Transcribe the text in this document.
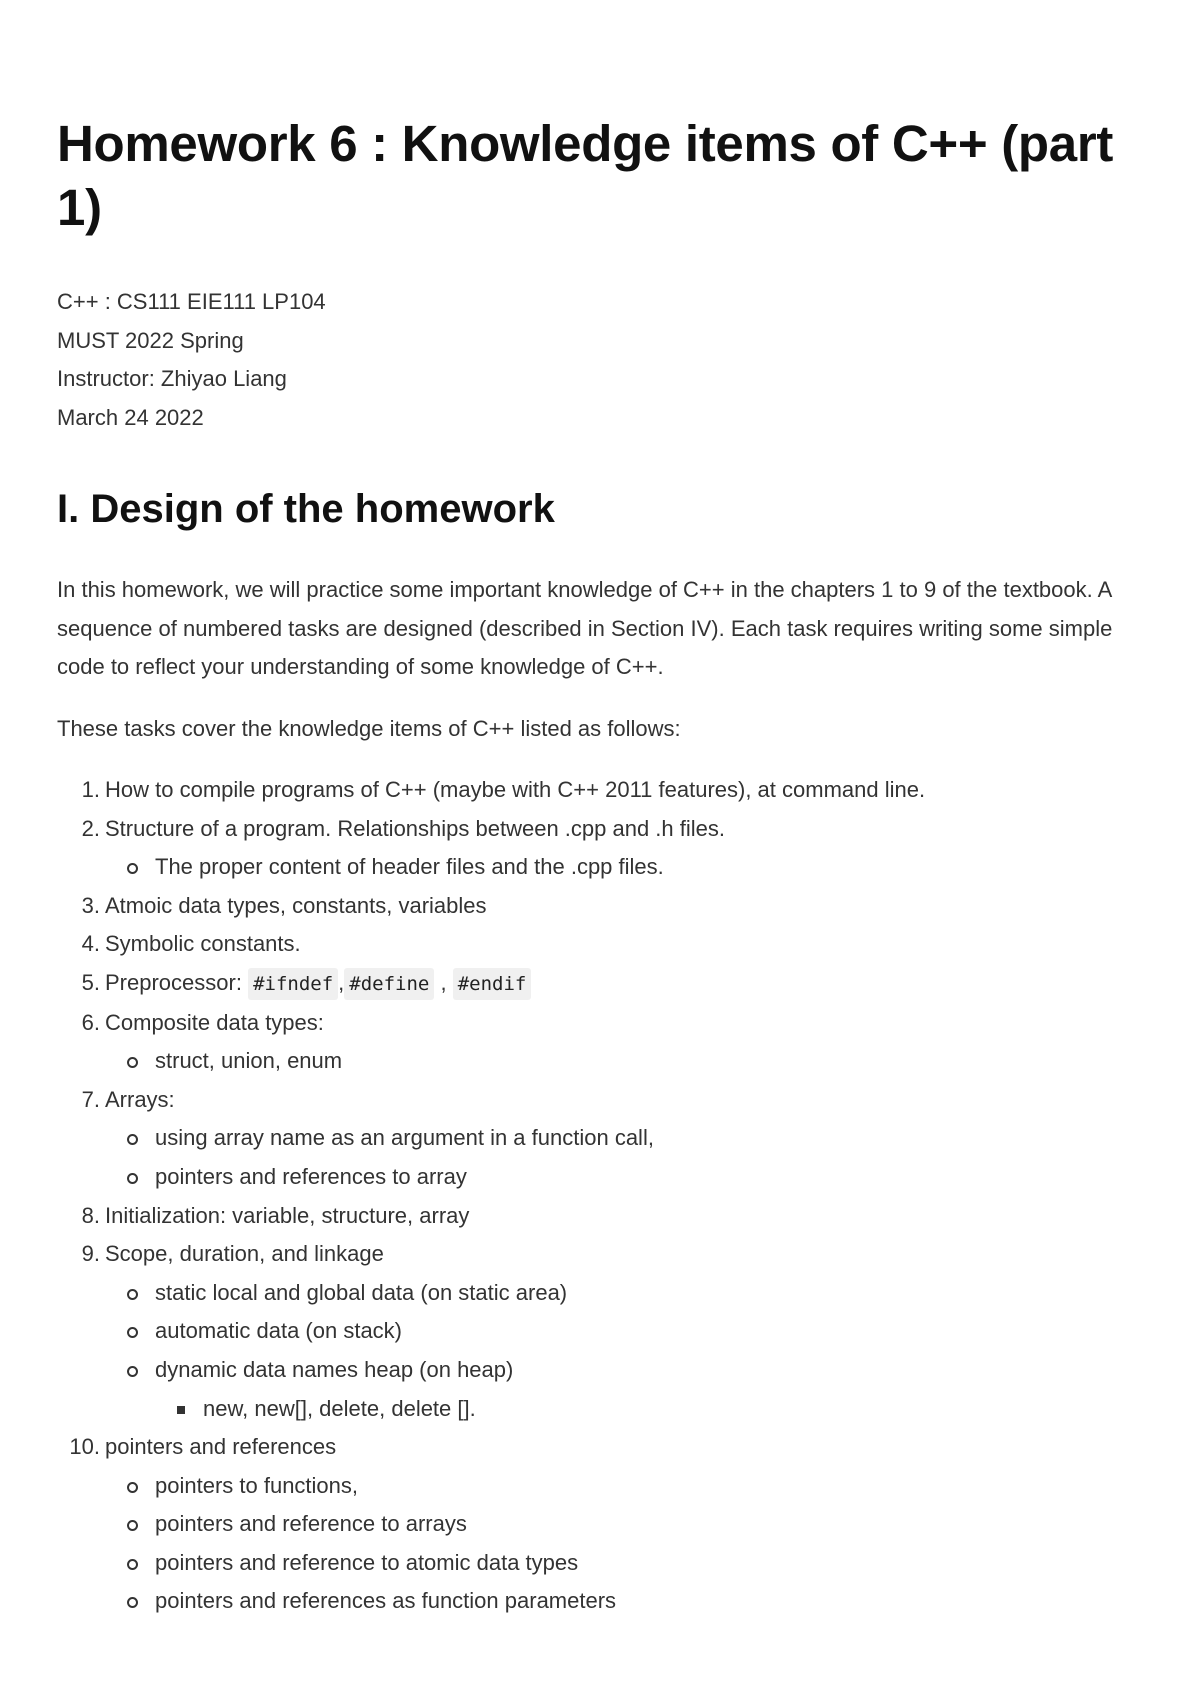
Homework 6 : Knowledge items of C++ (part 1)
C++ : CS111 EIE111 LP104
MUST 2022 Spring
Instructor: Zhiyao Liang
March 24 2022
I. Design of the homework

In this homework, we will practice some important knowledge of C++ in the chapters 1 to 9 of the textbook. A sequence of numbered tasks are designed (described in Section IV). Each task requires writing some simple code to reflect your understanding of some knowledge of C++.

These tasks cover the knowledge items of C++ listed as follows:

1. How to compile programs of C++ (maybe with C++ 2011 features), at command line.
2. Structure of a program. Relationships between .cpp and .h files.
The proper content of header files and the .cpp files.
3. Atmoic data types, constants, variables
4. Symbolic constants.
5. Preprocessor: #ifndef , #define , #endif
6. Composite data types:
struct, union, enum
7. Arrays:
using array name as an argument in a function call,
pointers and references to array
8. Initialization: variable, structure, array
9. Scope, duration, and linkage
static local and global data (on static area)
automatic data (on stack)
dynamic data names heap (on heap)
new, new[], delete, delete [].
10. pointers and references
pointers to functions,
pointers and reference to arrays
pointers and reference to atomic data types
pointers and references as function parameters
